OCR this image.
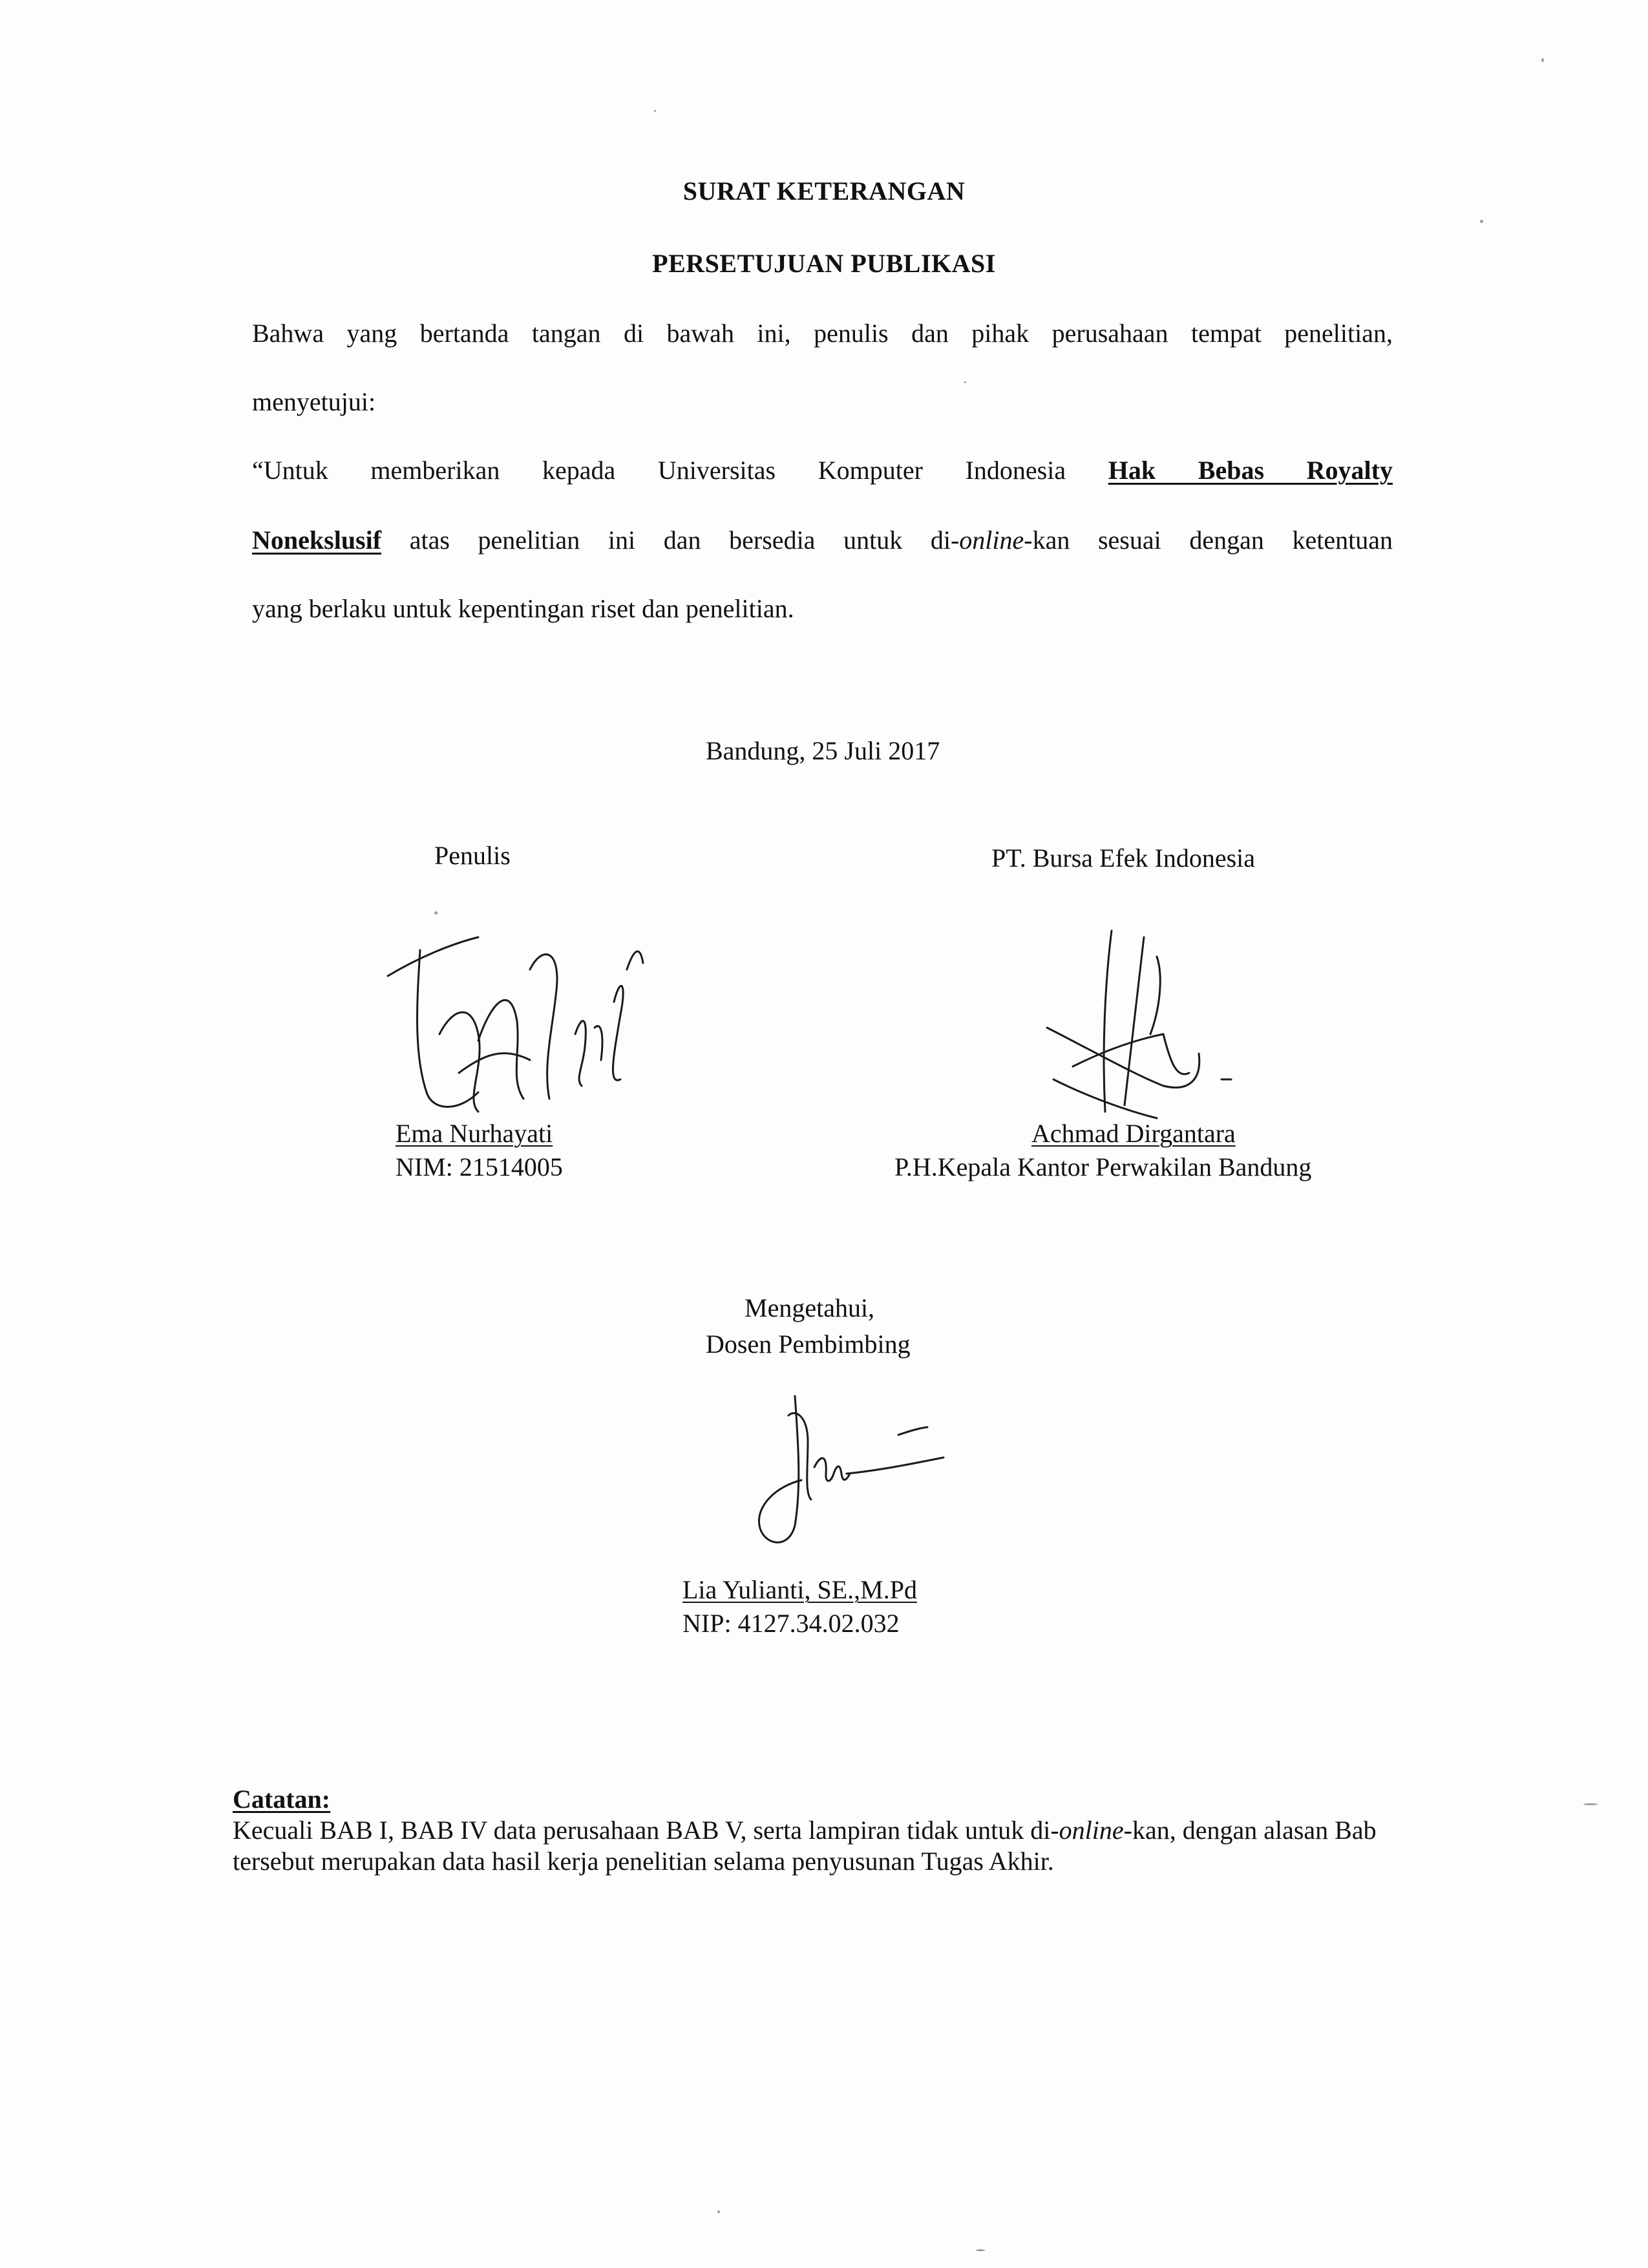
SURAT KETERANGAN
PERSETUJUAN PUBLIKASI
Bahwa yang bertanda tangan di bawah ini, penulis dan pihak perusahaan tempat penelitian,
menyetujui:
“Untuk memberikan kepada Universitas Komputer Indonesia Hak Bebas Royalty
Nonekslusif atas penelitian ini dan bersedia untuk di-online-kan sesuai dengan ketentuan
yang berlaku untuk kepentingan riset dan penelitian.
Bandung, 25 Juli 2017
Penulis
Ema Nurhayati
NIM: 21514005
PT. Bursa Efek Indonesia
Achmad Dirgantara
P.H.Kepala Kantor Perwakilan Bandung
Mengetahui,
Dosen Pembimbing
Lia Yulianti, SE.,M.Pd
NIP: 4127.34.02.032
Catatan:
Kecuali BAB I, BAB IV data perusahaan BAB V, serta lampiran tidak untuk di-online-kan, dengan alasan Bab tersebut merupakan data hasil kerja penelitian selama penyusunan Tugas Akhir.
